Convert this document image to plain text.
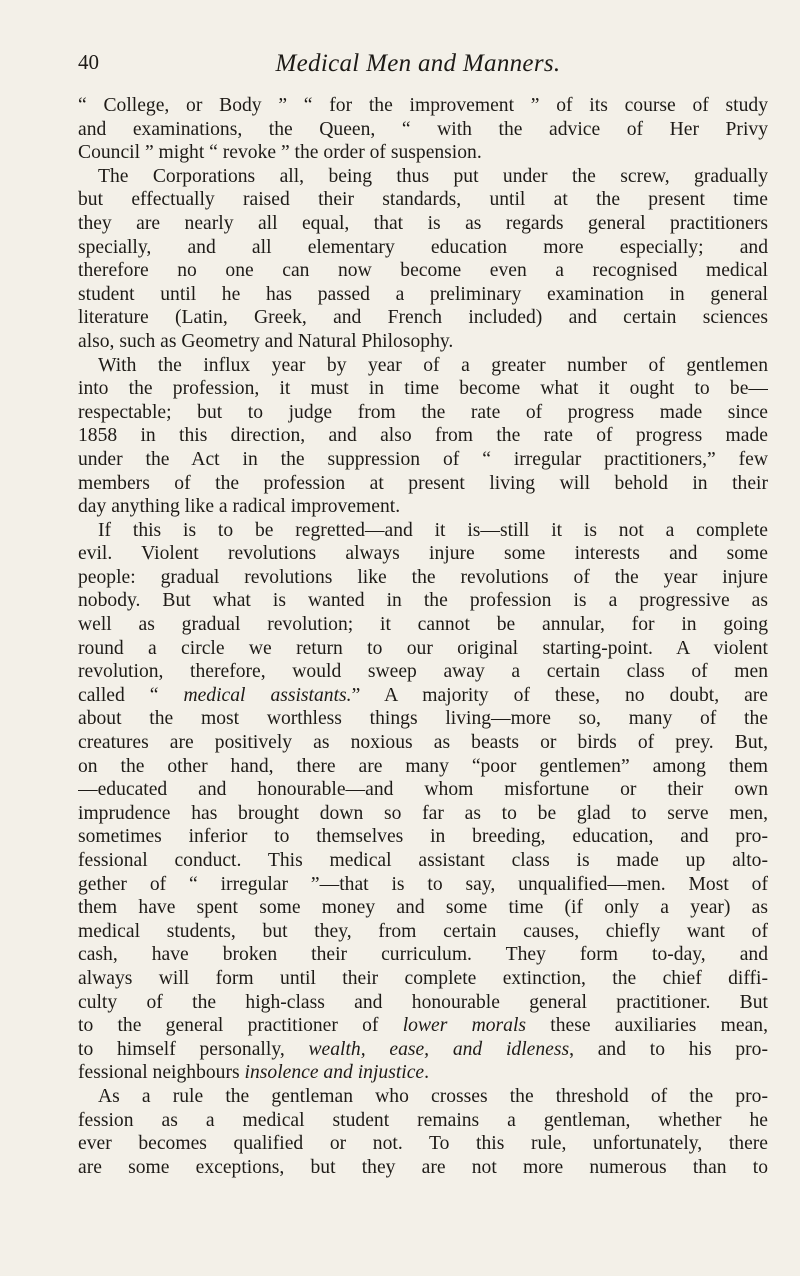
40	Medical Men and Manners.
“ College, or Body ” “ for the improvement ” of its course of study
and examinations, the Queen, “ with the advice of Her Privy
Council ” might “ revoke ” the order of suspension.
The Corporations all, being thus put under the screw, gradually
but effectually raised their standards, until at the present time
they are nearly all equal, that is as regards general practitioners
specially, and all elementary education more especially; and
therefore no one can now become even a recognised medical
student until he has passed a preliminary examination in general
literature (Latin, Greek, and French included) and certain sciences
also, such as Geometry and Natural Philosophy.
With the influx year by year of a greater number of gentlemen
into the profession, it must in time become what it ought to be—
respectable; but to judge from the rate of progress made since
1858 in this direction, and also from the rate of progress made
under the Act in the suppression of “ irregular practitioners,” few
members of the profession at present living will behold in their
day anything like a radical improvement.
If this is to be regretted—and it is—still it is not a complete
evil. Violent revolutions always injure some interests and some
people: gradual revolutions like the revolutions of the year injure
nobody. But what is wanted in the profession is a progressive as
well as gradual revolution; it cannot be annular, for in going
round a circle we return to our original starting-point. A violent
revolution, therefore, would sweep away a certain class of men
called “ medical assistants.” A majority of these, no doubt, are
about the most worthless things living—more so, many of the
creatures are positively as noxious as beasts or birds of prey. But,
on the other hand, there are many “poor gentlemen” among them
—educated and honourable—and whom misfortune or their own
imprudence has brought down so far as to be glad to serve men,
sometimes inferior to themselves in breeding, education, and pro-
fessional conduct. This medical assistant class is made up alto-
gether of “ irregular ”—that is to say, unqualified—men. Most of
them have spent some money and some time (if only a year) as
medical students, but they, from certain causes, chiefly want of
cash, have broken their curriculum. They form to-day, and
always will form until their complete extinction, the chief diffi-
culty of the high-class and honourable general practitioner. But
to the general practitioner of lower morals these auxiliaries mean,
to himself personally, wealth, ease, and idleness, and to his pro-
fessional neighbours insolence and injustice.
As a rule the gentleman who crosses the threshold of the pro-
fession as a medical student remains a gentleman, whether he
ever becomes qualified or not. To this rule, unfortunately, there
are some exceptions, but they are not more numerous than to
